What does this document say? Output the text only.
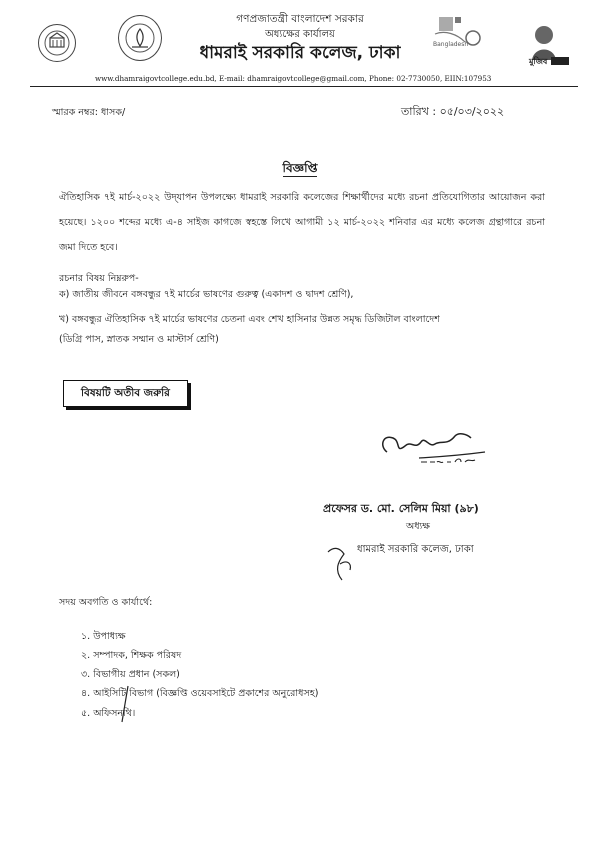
Bangladesh
মুজিব
গণপ্রজাতন্ত্রী বাংলাদেশ সরকার
অধ্যক্ষের কার্যালয়
ধামরাই সরকারি কলেজ, ঢাকা
www.dhamraigovtcollege.edu.bd, E-mail: dhamraigovtcollege@gmail.com, Phone: 02-7730050, EIIN:107953
স্মারক নম্বর: ধাসক/	তারিখ : ০৫/০৩/২০২২
বিজ্ঞপ্তি
ঐতিহাসিক ৭ই মার্চ-২০২২ উদ্‌যাপন উপলক্ষ্যে ধামরাই সরকারি কলেজের শিক্ষার্থীদের মধ্যে রচনা প্রতিযোগিতার আয়োজন করা হয়েছে। ১২০০ শব্দের মধ্যে এ-৪ সাইজ কাগজে স্বহস্তে লিখে আগামী ১২ মার্চ-২০২২ শনিবার এর মধ্যে কলেজ গ্রন্থাগারে রচনা জমা দিতে হবে।
রচনার বিষয় নিম্নরুপ-
ক) জাতীয় জীবনে বঙ্গবন্ধুর ৭ই মার্চের ভাষণের গুরুত্ব (একাদশ ও দ্বাদশ শ্রেণি),
খ) বঙ্গবন্ধুর ঐতিহাসিক ৭ই মার্চের ভাষণের চেতনা এবং শেখ হাসিনার উন্নত সমৃদ্ধ ডিজিটাল বাংলাদেশ
(ডিগ্রি পাস, স্নাতক সম্মান ও মাস্টার্স শ্রেণি)
বিষয়টি অতীব জরুরি
প্রফেসর ড. মো. সেলিম মিয়া (৯৮)
অধ্যক্ষ
ধামরাই সরকারি কলেজ, ঢাকা
সদয় অবগতি ও কার্যার্থে:
১. উপাধ্যক্ষ
২. সম্পাদক, শিক্ষক পরিষদ
৩. বিভাগীয় প্রধান (সকল)
৪. আইসিটি বিভাগ (বিজ্ঞপ্তি ওয়েবসাইটে প্রকাশের অনুরোধসহ)
৫. অফিসনথি।
